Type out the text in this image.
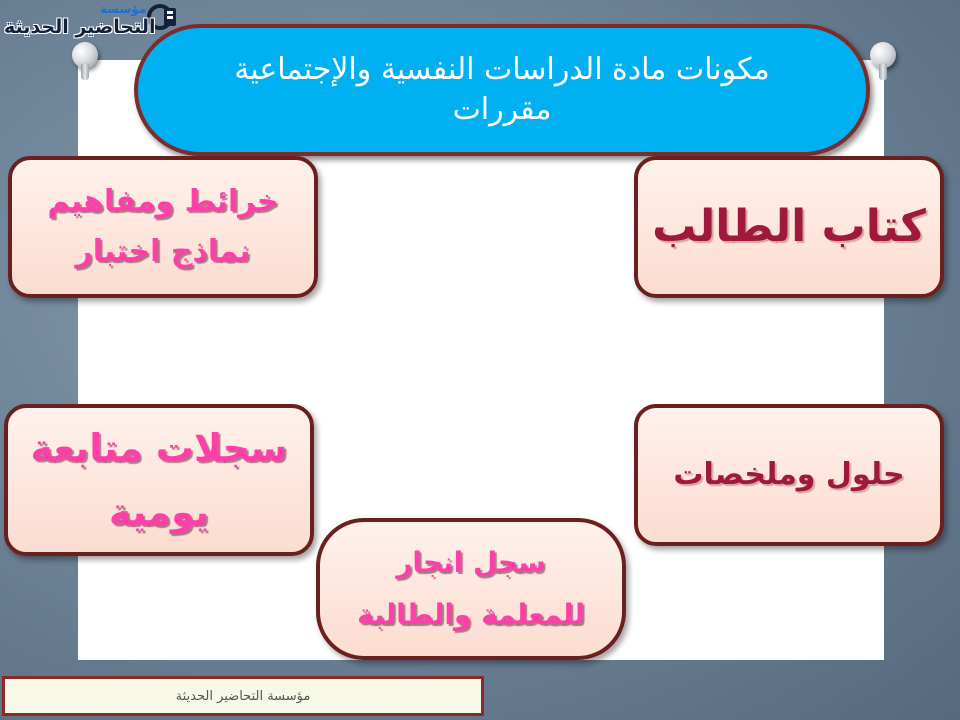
مؤسسة
التحاضير الحديثة
مكونات مادة الدراسات النفسية والإجتماعية
مقررات
خرائط ومفاهيم
نماذج اختبار	كتاب الطالب
سجلات متابعة
يومية
حلول وملخصات
سجل انجار
للمعلمة والطالبة
مؤسسة التحاضير الحديثة
